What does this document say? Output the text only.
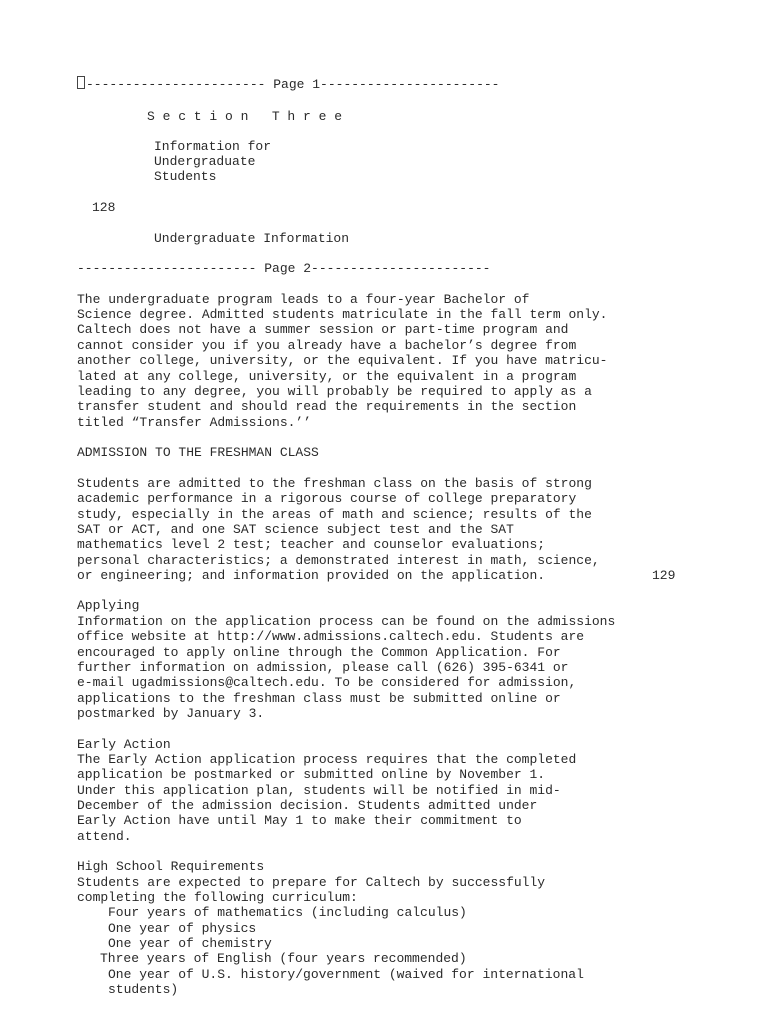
----------------------- Page 1-----------------------
S e c t i o n   T h r e e
Information for
Undergraduate
Students
128
Undergraduate Information
----------------------- Page 2-----------------------
The undergraduate program leads to a four-year Bachelor of
Science degree. Admitted students matriculate in the fall term only.
Caltech does not have a summer session or part-time program and
cannot consider you if you already have a bachelor’s degree from
another college, university, or the equivalent. If you have matricu-
lated at any college, university, or the equivalent in a program
leading to any degree, you will probably be required to apply as a
transfer student and should read the requirements in the section
titled “Transfer Admissions.’’
ADMISSION TO THE FRESHMAN CLASS
Students are admitted to the freshman class on the basis of strong
academic performance in a rigorous course of college preparatory
study, especially in the areas of math and science; results of the
SAT or ACT, and one SAT science subject test and the SAT
mathematics level 2 test; teacher and counselor evaluations;
personal characteristics; a demonstrated interest in math, science,
or engineering; and information provided on the application.	129
Applying
Information on the application process can be found on the admissions
office website at http://www.admissions.caltech.edu. Students are
encouraged to apply online through the Common Application. For
further information on admission, please call (626) 395-6341 or
e-mail ugadmissions@caltech.edu. To be considered for admission,
applications to the freshman class must be submitted online or
postmarked by January 3.
Early Action
The Early Action application process requires that the completed
application be postmarked or submitted online by November 1.
Under this application plan, students will be notified in mid-
December of the admission decision. Students admitted under
Early Action have until May 1 to make their commitment to
attend.
High School Requirements
Students are expected to prepare for Caltech by successfully
completing the following curriculum:
Four years of mathematics (including calculus)
One year of physics
One year of chemistry
Three years of English (four years recommended)
One year of U.S. history/government (waived for international
students)
